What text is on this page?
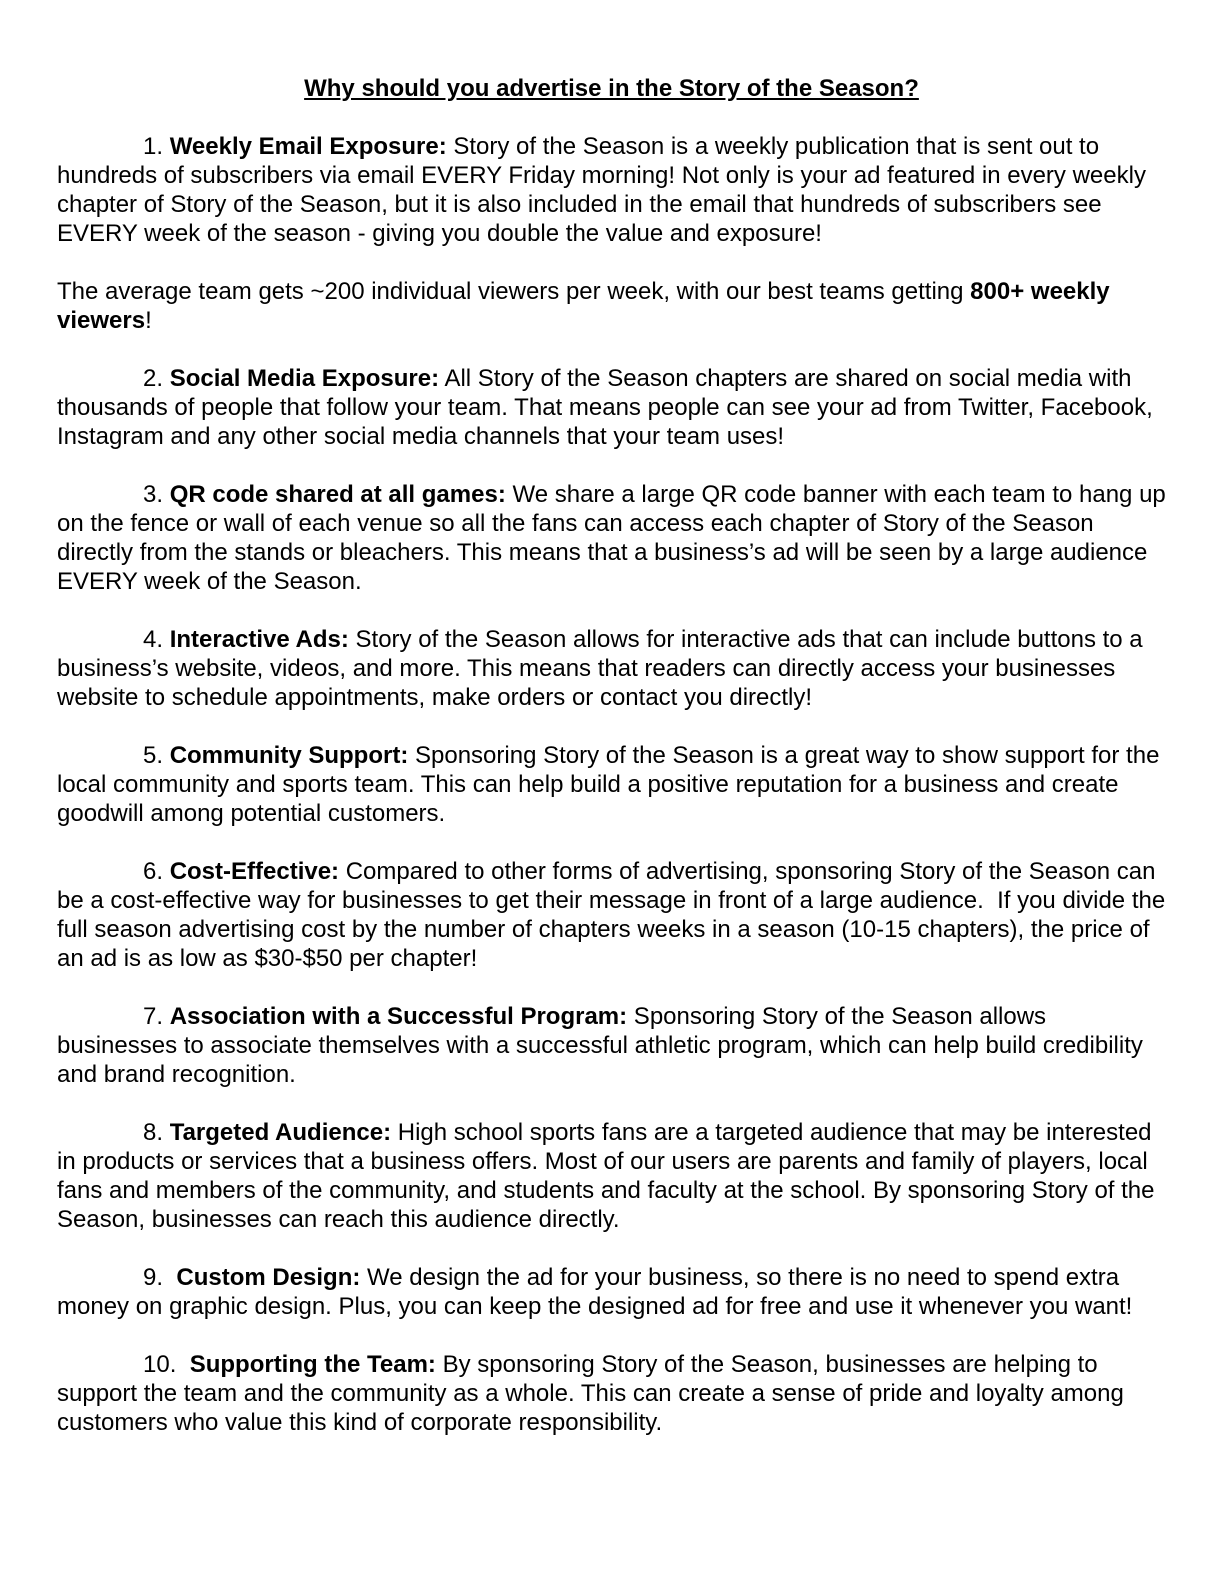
Why should you advertise in the Story of the Season?

1. Weekly Email Exposure: Story of the Season is a weekly publication that is sent out to hundreds of subscribers via email EVERY Friday morning! Not only is your ad featured in every weekly chapter of Story of the Season, but it is also included in the email that hundreds of subscribers see EVERY week of the season - giving you double the value and exposure!

The average team gets ~200 individual viewers per week, with our best teams getting 800+ weekly viewers!

2. Social Media Exposure: All Story of the Season chapters are shared on social media with thousands of people that follow your team. That means people can see your ad from Twitter, Facebook, Instagram and any other social media channels that your team uses!

3. QR code shared at all games: We share a large QR code banner with each team to hang up on the fence or wall of each venue so all the fans can access each chapter of Story of the Season directly from the stands or bleachers. This means that a business’s ad will be seen by a large audience EVERY week of the Season.

4. Interactive Ads: Story of the Season allows for interactive ads that can include buttons to a business’s website, videos, and more. This means that readers can directly access your businesses website to schedule appointments, make orders or contact you directly!

5. Community Support: Sponsoring Story of the Season is a great way to show support for the local community and sports team. This can help build a positive reputation for a business and create goodwill among potential customers.

6. Cost-Effective: Compared to other forms of advertising, sponsoring Story of the Season can be a cost-effective way for businesses to get their message in front of a large audience.  If you divide the full season advertising cost by the number of chapters weeks in a season (10-15 chapters), the price of an ad is as low as $30-$50 per chapter!

7. Association with a Successful Program: Sponsoring Story of the Season allows businesses to associate themselves with a successful athletic program, which can help build credibility and brand recognition.

8. Targeted Audience: High school sports fans are a targeted audience that may be interested in products or services that a business offers. Most of our users are parents and family of players, local fans and members of the community, and students and faculty at the school. By sponsoring Story of the Season, businesses can reach this audience directly.

9.  Custom Design: We design the ad for your business, so there is no need to spend extra money on graphic design. Plus, you can keep the designed ad for free and use it whenever you want!

10.  Supporting the Team: By sponsoring Story of the Season, businesses are helping to support the team and the community as a whole. This can create a sense of pride and loyalty among customers who value this kind of corporate responsibility.
